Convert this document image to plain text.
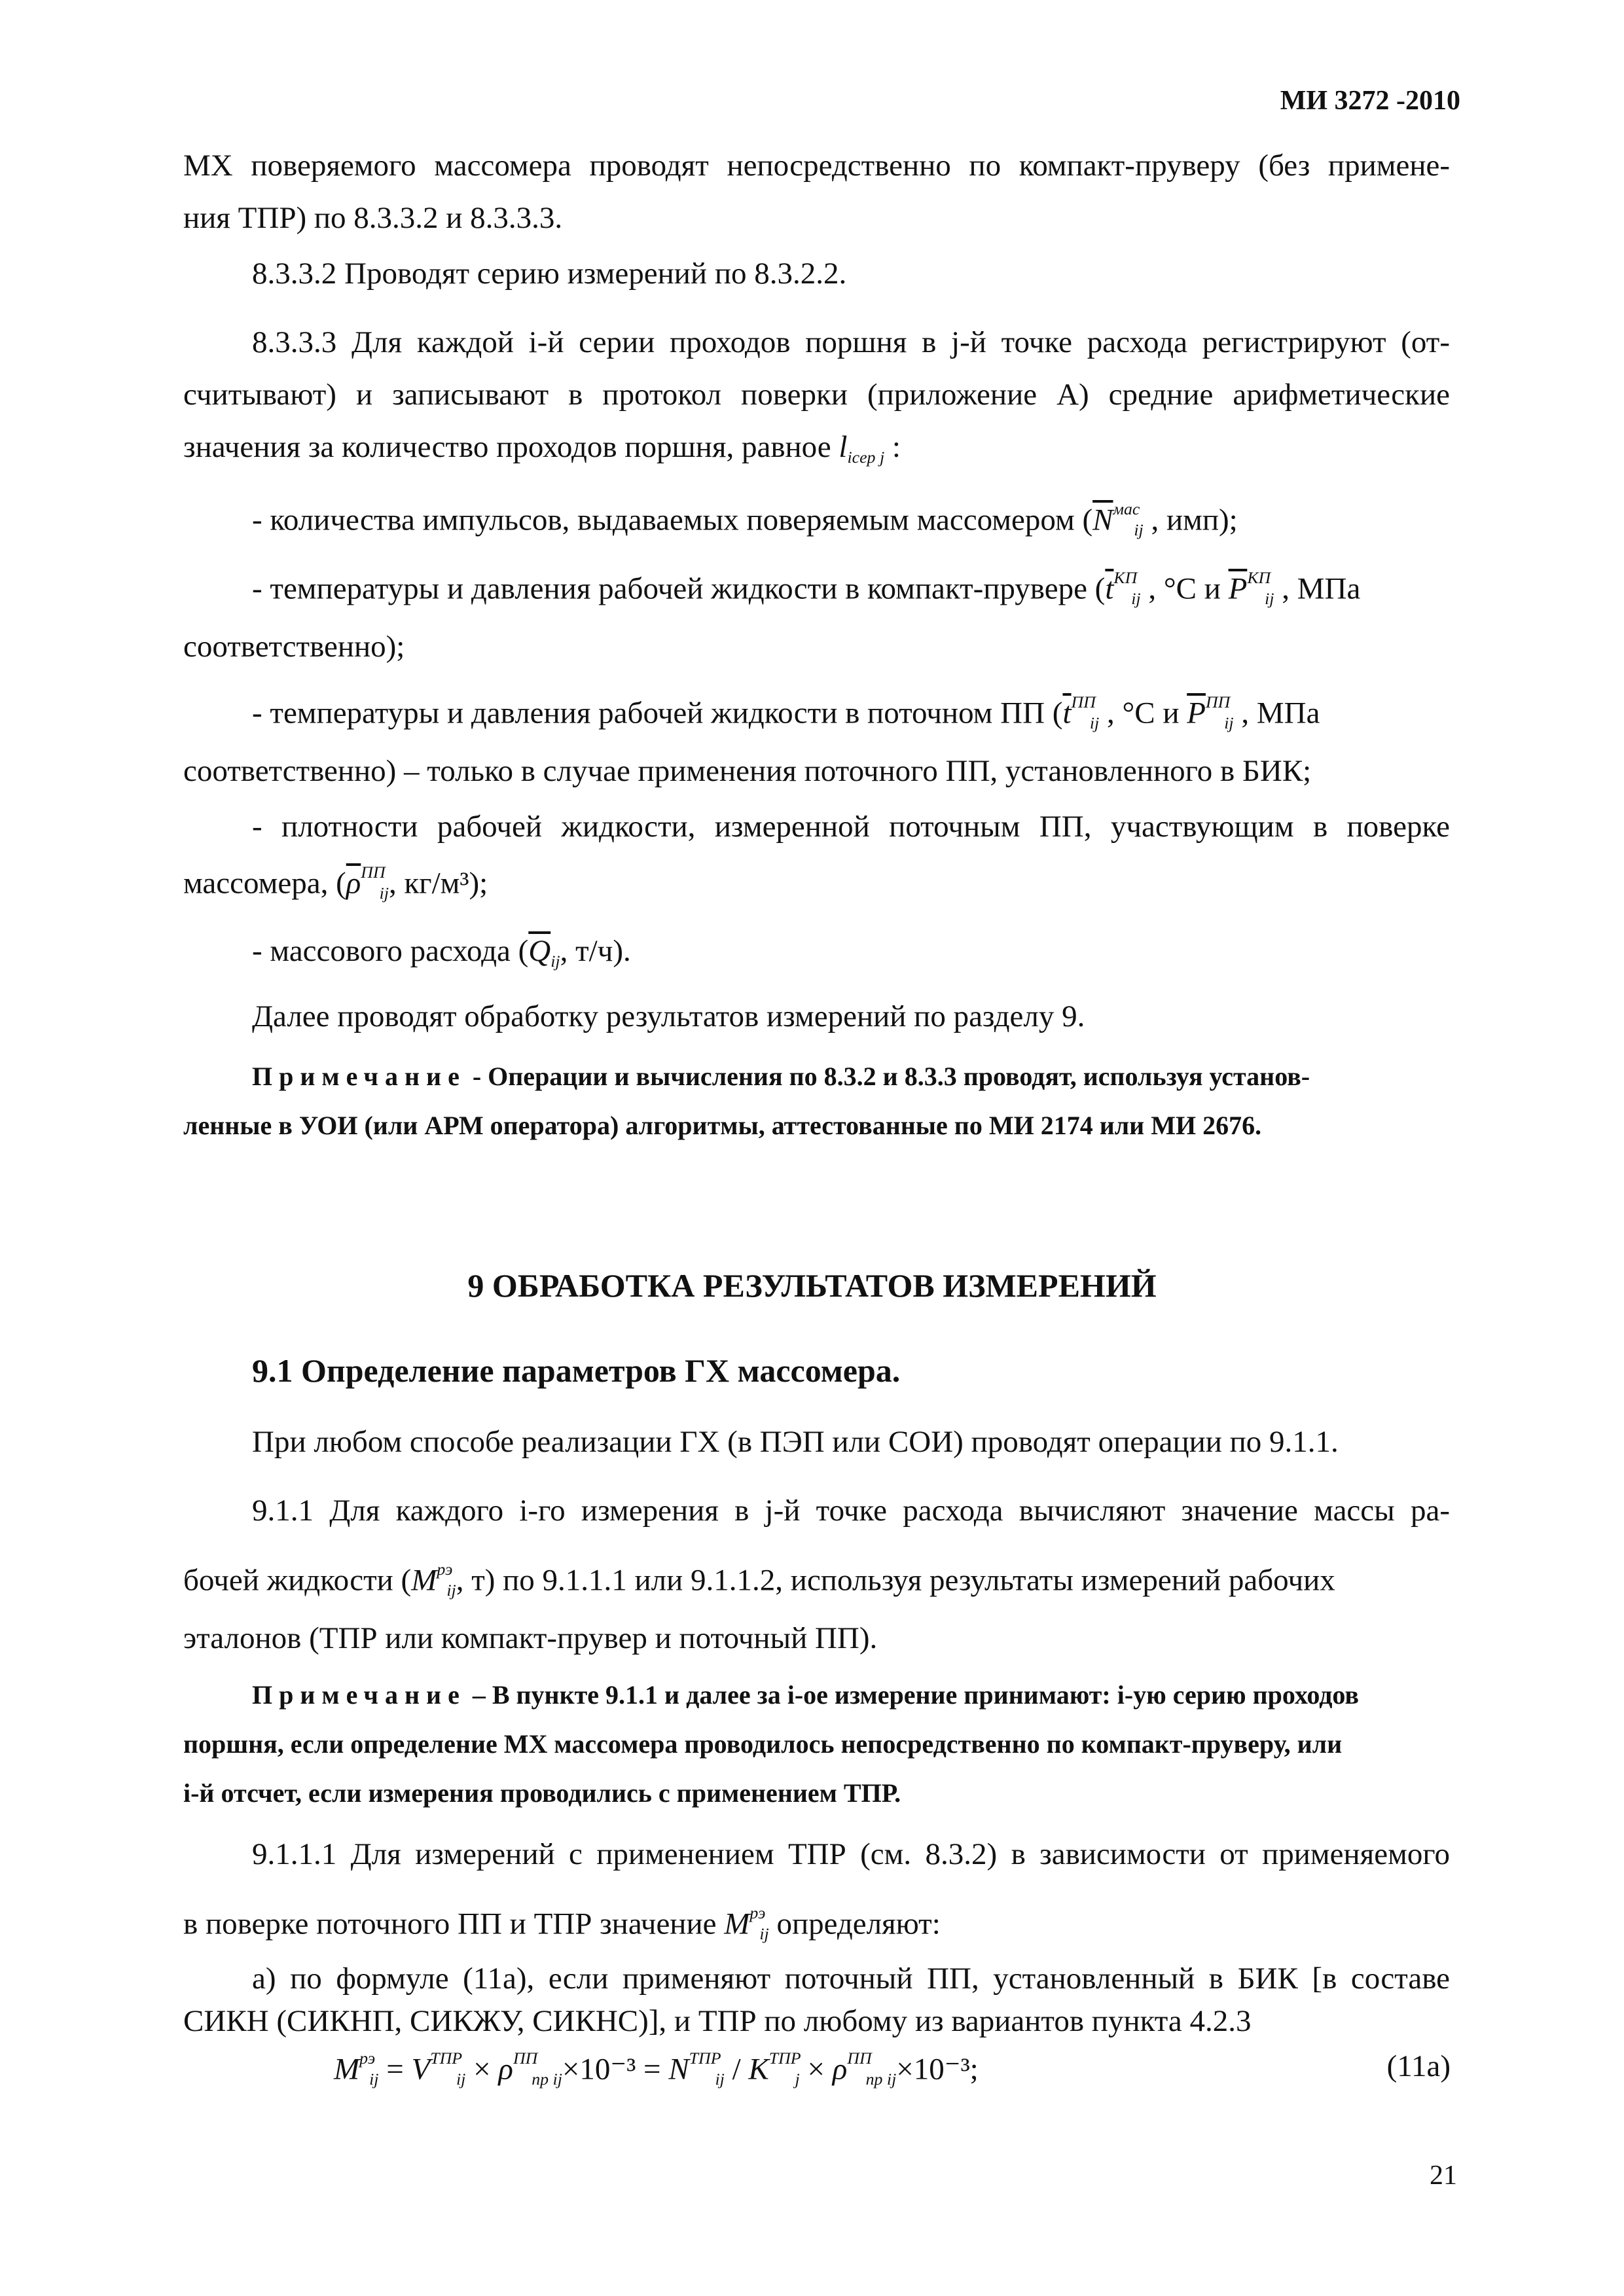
МИ 3272 -2010
МХ поверяемого массомера проводят непосредственно по компакт-пруверу (без примене-
ния ТПР) по 8.3.3.2 и 8.3.3.3.
8.3.3.2 Проводят серию измерений по 8.3.2.2.
8.3.3.3 Для каждой i-й серии проходов поршня в j-й точке расхода регистрируют (от-
считывают) и записывают в протокол поверки (приложение А) средние арифметические
значения за количество проходов поршня, равное $l_{icep j}$ :
- количества импульсов, выдаваемых поверяемым массомером ($\overline{N}^{мас}ij$ , имп);
- температуры и давления рабочей жидкости в компакт-прувере ($\overline{t}^{КП}ij$ , °С и $\overline{P}^{КП}ij$ , МПа
соответственно);
- температуры и давления рабочей жидкости в поточном ПП ($\overline{t}^{ПП}ij$ , °С и $\overline{P}^{ПП}ij$ , МПа
соответственно) – только в случае применения поточного ПП, установленного в БИК;
- плотности рабочей жидкости, измеренной поточным ПП, участвующим в поверке
массомера, ($\overline{\rho}^{ПП}ij$, кг/м³);
- массового расхода ($\overline{Q}_{ij}$, т/ч).
Далее проводят обработку результатов измерений по разделу 9.
Примечание - Операции и вычисления по 8.3.2 и 8.3.3 проводят, используя установ-
ленные в УОИ (или АРМ оператора) алгоритмы, аттестованные по МИ 2174 или МИ 2676.
9 ОБРАБОТКА РЕЗУЛЬТАТОВ ИЗМЕРЕНИЙ
9.1 Определение параметров ГХ массомера.
При любом способе реализации ГХ (в ПЭП или СОИ) проводят операции по 9.1.1.
9.1.1 Для каждого i-го измерения в j-й точке расхода вычисляют значение массы ра-
бочей жидкости ($M^{рэ}ij$, т) по 9.1.1.1 или 9.1.1.2, используя результаты измерений рабочих
эталонов (ТПР или компакт-прувер и поточный ПП).
Примечание – В пункте 9.1.1 и далее за i-ое измерение принимают: i-ую серию проходов
поршня, если определение МХ массомера проводилось непосредственно по компакт-пруверу, или
i-й отсчет, если измерения проводились с применением ТПР.
9.1.1.1 Для измерений с применением ТПР (см. 8.3.2) в зависимости от применяемого
в поверке поточного ПП и ТПР значение $M^{рэ}ij$ определяют:
а) по формуле (11а), если применяют поточный ПП, установленный в БИК [в составе
СИКН (СИКНП, СИКЖУ, СИКНС)], и ТПР по любому из вариантов пункта 4.2.3
$M^{рэ}ij = V^{ТПР}ij \times \rho^{ПП}пр$ $ij\times 10^{-3} = N^{ТПР}ij / K^{ТПР}j \times \rho^{ПП}пр$ ij×10⁻³;	(11а)
21
